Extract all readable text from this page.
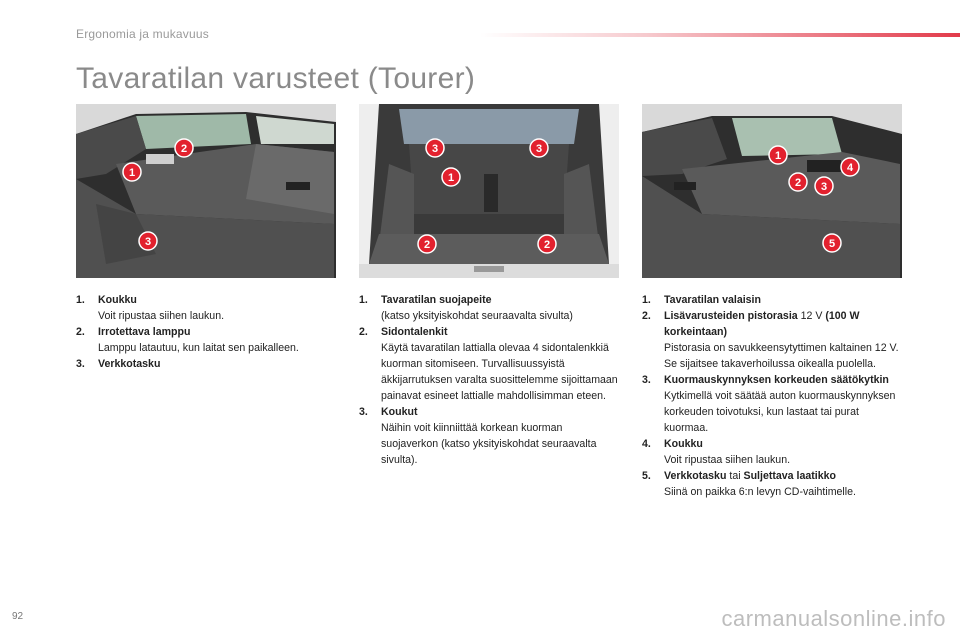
Ergonomia ja mukavuus
Tavaratilan varusteet (Tourer)
2
1
3
3	3
1
2	2
1
4
2 3
5
1. Koukku
Voit ripustaa siihen laukun.
2. Irrotettava lamppu
Lamppu latautuu, kun laitat sen paikalleen.
3. Verkkotasku
1. Tavaratilan suojapeite
(katso yksityiskohdat seuraavalta sivulta)
2. Sidontalenkit
Käytä tavaratilan lattialla olevaa 4 sidontalenkkiä kuorman sitomiseen. Turvallisuussyistä äkkijarrutuksen varalta suosittelemme sijoittamaan painavat esineet lattialle mahdollisimman eteen.
3. Koukut
Näihin voit kiinniittää korkean kuorman suojaverkon (katso yksityiskohdat seuraavalta sivulta).
1. Tavaratilan valaisin
2. Lisävarusteiden pistorasia 12 V (100 W korkeintaan)
Pistorasia on savukkeensytyttimen kaltainen 12 V. Se sijaitsee takaverhoilussa oikealla puolella.
3. Kuormauskynnyksen korkeuden säätökytkin
Kytkimellä voit säätää auton kuormauskynnyksen korkeuden toivotuksi, kun lastaat tai purat kuormaa.
4. Koukku
Voit ripustaa siihen laukun.
5. Verkkotasku tai Suljettava laatikko
Siinä on paikka 6:n levyn CD-vaihtimelle.
92	carmanualsonline.info
